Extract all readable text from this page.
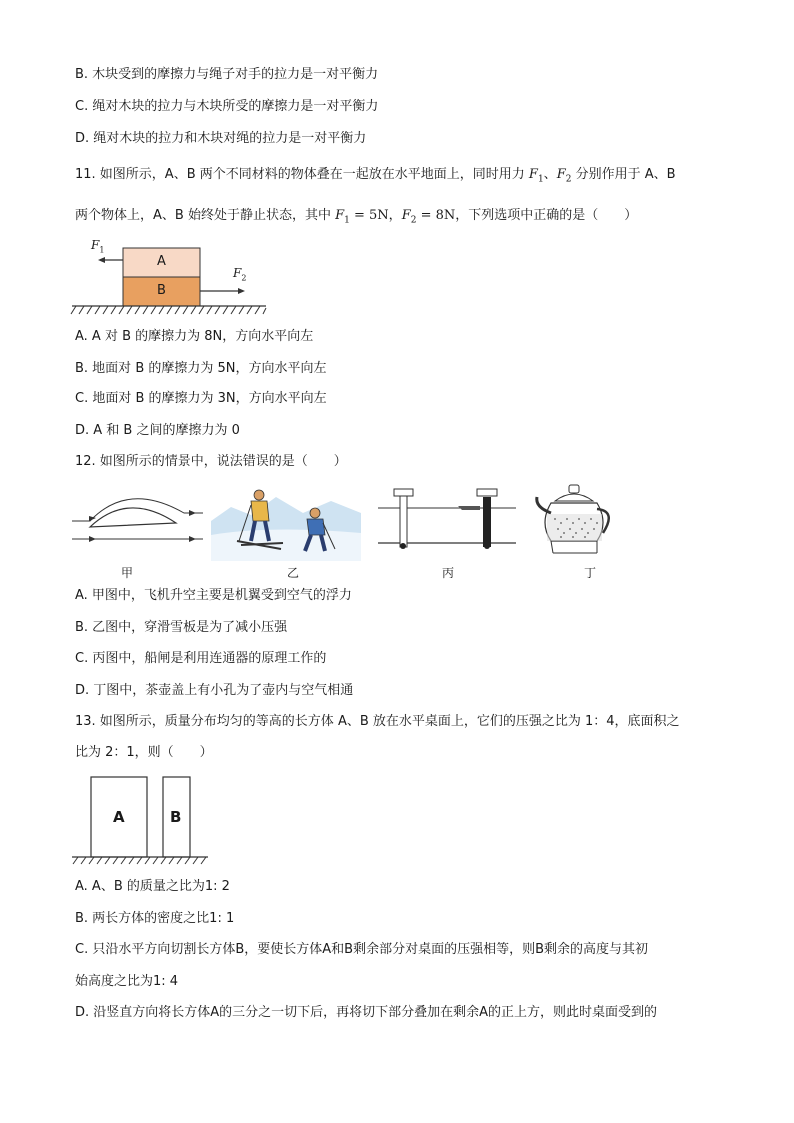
B. 木块受到的摩擦力与绳子对手的拉力是一对平衡力
C. 绳对木块的拉力与木块所受的摩擦力是一对平衡力
D. 绳对木块的拉力和木块对绳的拉力是一对平衡力
11. 如图所示，A、B 两个不同材料的物体叠在一起放在水平地面上，同时用力 $F_1$、$F_2$ 分别作用于 A、B
两个物体上，A、B 始终处于静止状态，其中 $F_1 = 5N$，$F_2 = 8N$，下列选项中正确的是（　　）
A
B
$F_1$
$F_2$
A. A 对 B 的摩擦力为 8N，方向水平向左
B. 地面对 B 的摩擦力为 5N，方向水平向左
C. 地面对 B 的摩擦力为 3N，方向水平向左
D. A 和 B 之间的摩擦力为 0
12. 如图所示的情景中，说法错误的是（　　）
甲	乙	丙	丁
A. 甲图中，飞机升空主要是机翼受到空气的浮力
B. 乙图中，穿滑雪板是为了减小压强
C. 丙图中，船闸是利用连通器的原理工作的
D. 丁图中，茶壶盖上有小孔为了壶内与空气相通
13. 如图所示，质量分布均匀的等高的长方体 A、B 放在水平桌面上，它们的压强之比为 1：4，底面积之
比为 2：1，则（　　）
A	B
A. A、B 的质量之比为1: 2
B. 两长方体的密度之比1: 1
C. 只沿水平方向切割长方体B，要使长方体A和B剩余部分对桌面的压强相等，则B剩余的高度与其初
始高度之比为1: 4
D. 沿竖直方向将长方体A的三分之一切下后，再将切下部分叠加在剩余A的正上方，则此时桌面受到的
